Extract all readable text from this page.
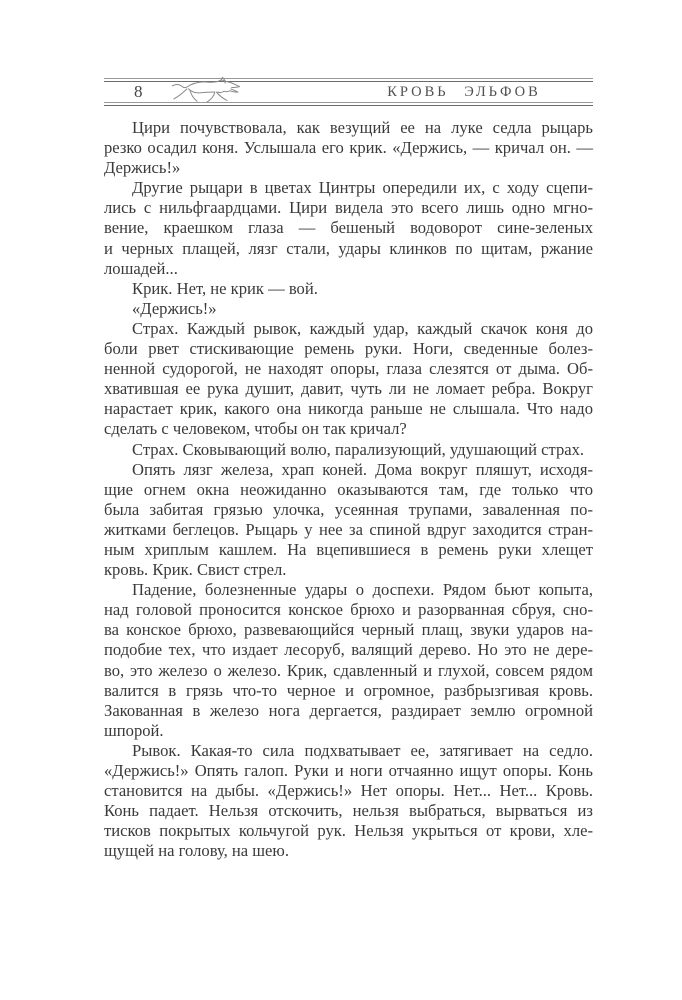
8	КРОВЬ ЭЛЬФОВ
Цири почувствовала, как везущий ее на луке седла рыцарь
резко осадил коня. Услышала его крик. «Держись, — кричал он. —
Держись!»
Другие рыцари в цветах Цинтры опередили их, с ходу сцепи-
лись с нильфгаардцами. Цири видела это всего лишь одно мгно-
вение, краешком глаза — бешеный водоворот сине-зеленых
и черных плащей, лязг стали, удары клинков по щитам, ржание
лошадей...
Крик. Нет, не крик — вой.
«Держись!»
Страх. Каждый рывок, каждый удар, каждый скачок коня до
боли рвет стискивающие ремень руки. Ноги, сведенные болез-
ненной судорогой, не находят опоры, глаза слезятся от дыма. Об-
хватившая ее рука душит, давит, чуть ли не ломает ребра. Вокруг
нарастает крик, какого она никогда раньше не слышала. Что надо
сделать с человеком, чтобы он так кричал?
Страх. Сковывающий волю, парализующий, удушающий страх.
Опять лязг железа, храп коней. Дома вокруг пляшут, исходя-
щие огнем окна неожиданно оказываются там, где только что
была забитая грязью улочка, усеянная трупами, заваленная по-
житками беглецов. Рыцарь у нее за спиной вдруг заходится стран-
ным хриплым кашлем. На вцепившиеся в ремень руки хлещет
кровь. Крик. Свист стрел.
Падение, болезненные удары о доспехи. Рядом бьют копыта,
над головой проносится конское брюхо и разорванная сбруя, сно-
ва конское брюхо, развевающийся черный плащ, звуки ударов на-
подобие тех, что издает лесоруб, валящий дерево. Но это не дере-
во, это железо о железо. Крик, сдавленный и глухой, совсем рядом
валится в грязь что-то черное и огромное, разбрызгивая кровь.
Закованная в железо нога дергается, раздирает землю огромной
шпорой.
Рывок. Какая-то сила подхватывает ее, затягивает на седло.
«Держись!» Опять галоп. Руки и ноги отчаянно ищут опоры. Конь
становится на дыбы. «Держись!» Нет опоры. Нет... Нет... Кровь.
Конь падает. Нельзя отскочить, нельзя выбраться, вырваться из
тисков покрытых кольчугой рук. Нельзя укрыться от крови, хле-
щущей на голову, на шею.
